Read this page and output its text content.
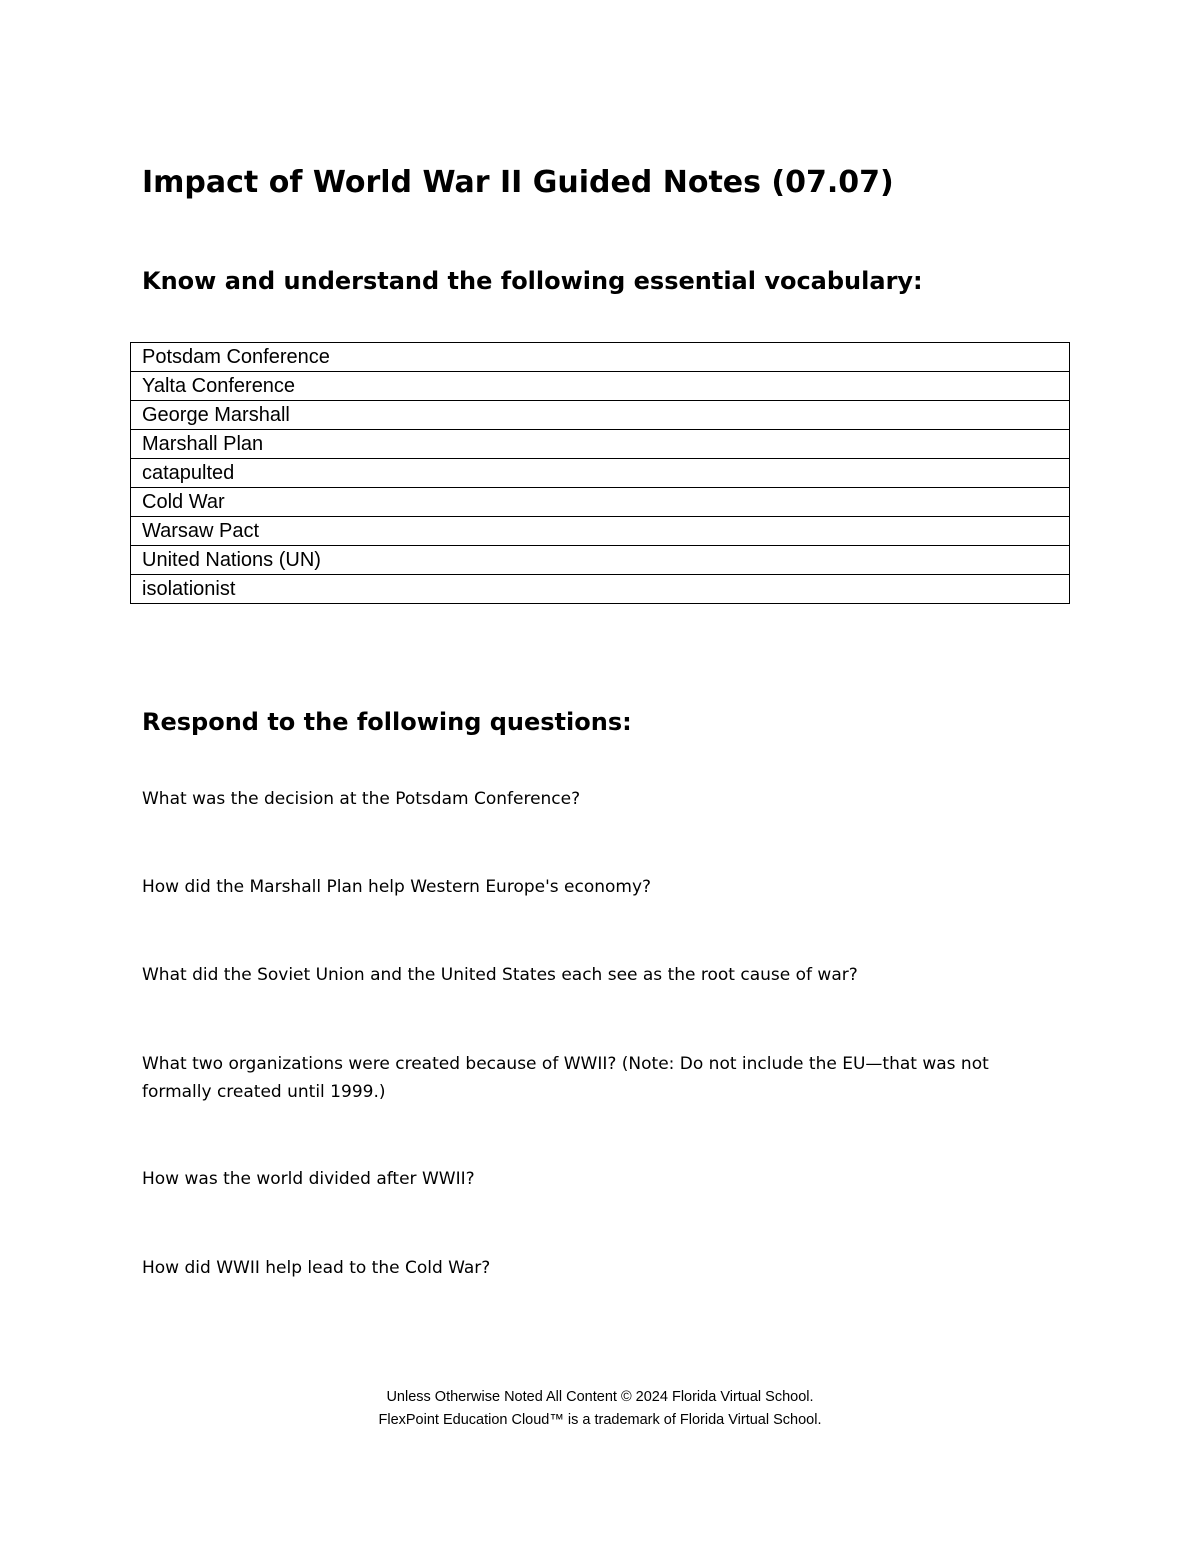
Impact of World War II Guided Notes (07.07)
Know and understand the following essential vocabulary:
Potsdam Conference
Yalta Conference
George Marshall
Marshall Plan
catapulted
Cold War
Warsaw Pact
United Nations (UN)
isolationist
Respond to the following questions:

What was the decision at the Potsdam Conference?

How did the Marshall Plan help Western Europe's economy?

What did the Soviet Union and the United States each see as the root cause of war?

What two organizations were created because of WWII? (Note: Do not include the EU—that was not formally created until 1999.)

How was the world divided after WWII?

How did WWII help lead to the Cold War?

Unless Otherwise Noted All Content © 2024 Florida Virtual School.

FlexPoint Education Cloud™ is a trademark of Florida Virtual School.
